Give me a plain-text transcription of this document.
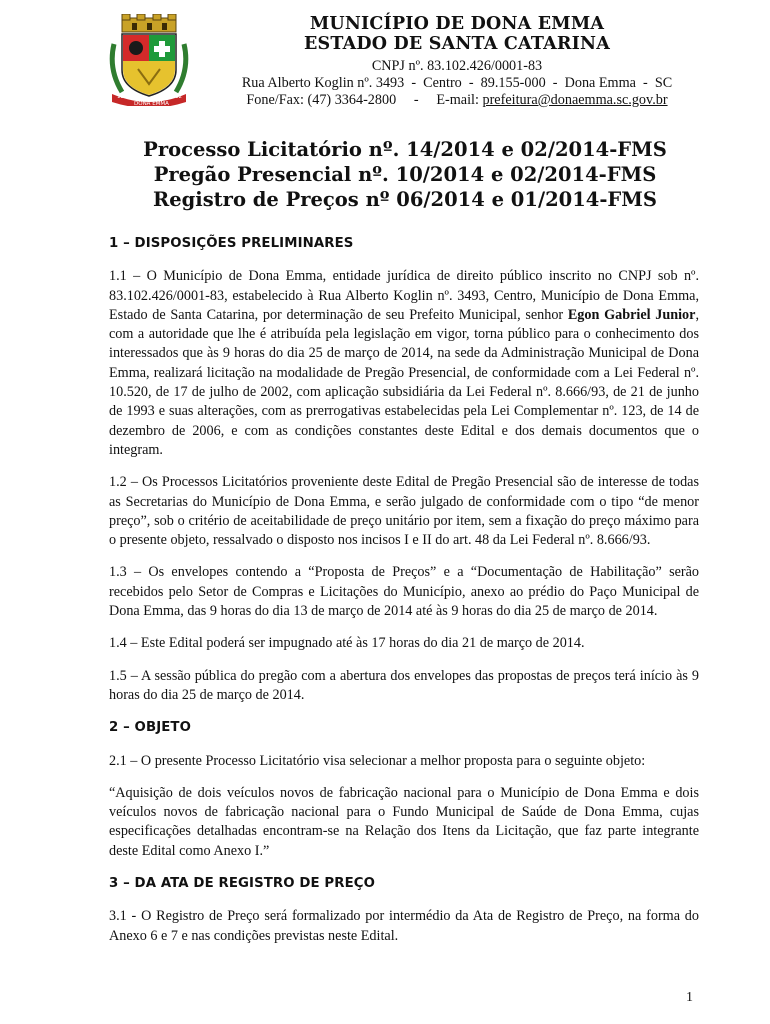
1918
DONA EMMA
1962
MUNICÍPIO DE DONA EMMA
ESTADO DE SANTA CATARINA
CNPJ nº. 83.102.426/0001-83
Rua Alberto Koglin nº. 3493  -  Centro  -  89.155-000  -  Dona Emma  -  SC
Fone/Fax: (47) 3364-2800     -     E-mail: prefeitura@donaemma.sc.gov.br
Processo Licitatório nº. 14/2014 e 02/2014-FMS
Pregão Presencial nº. 10/2014 e 02/2014-FMS
Registro de Preços nº 06/2014 e 01/2014-FMS
1 – DISPOSIÇÕES PRELIMINARES

1.1 – O Município de Dona Emma, entidade jurídica de direito público inscrito no CNPJ sob nº. 83.102.426/0001-83, estabelecido à Rua Alberto Koglin nº. 3493, Centro, Município de Dona Emma, Estado de Santa Catarina, por determinação de seu Prefeito Municipal, senhor Egon Gabriel Junior, com a autoridade que lhe é atribuída pela legislação em vigor, torna público para o conhecimento dos interessados que às 9 horas do dia 25 de março de 2014, na sede da Administração Municipal de Dona Emma, realizará licitação na modalidade de Pregão Presencial, de conformidade com a Lei Federal nº. 10.520, de 17 de julho de 2002, com aplicação subsidiária da Lei Federal nº. 8.666/93, de 21 de junho de 1993 e suas alterações, com as prerrogativas estabelecidas pela Lei Complementar nº. 123, de 14 de dezembro de 2006, e com as condições constantes deste Edital e dos demais documentos que o integram.

1.2 – Os Processos Licitatórios proveniente deste Edital de Pregão Presencial são de interesse de todas as Secretarias do Município de Dona Emma, e serão julgado de conformidade com o tipo “de menor preço”, sob o critério de aceitabilidade de preço unitário por item, sem a fixação do preço máximo para o presente objeto, ressalvado o disposto nos incisos I e II do art. 48 da Lei Federal nº. 8.666/93.

1.3 – Os envelopes contendo a “Proposta de Preços” e a “Documentação de Habilitação” serão recebidos pelo Setor de Compras e Licitações do Município, anexo ao prédio do Paço Municipal de Dona Emma, das 9 horas do dia 13 de março de 2014 até às 9 horas do dia 25 de março de 2014.

1.4 – Este Edital poderá ser impugnado até às 17 horas do dia 21 de março de 2014.

1.5 – A sessão pública do pregão com a abertura dos envelopes das propostas de preços terá início às 9 horas do dia 25 de março de 2014.

2 – OBJETO

2.1 – O presente Processo Licitatório visa selecionar a melhor proposta para o seguinte objeto:

“Aquisição de dois veículos novos de fabricação nacional para o Município de Dona Emma e dois veículos novos de fabricação nacional para o Fundo Municipal de Saúde de Dona Emma, cujas especificações detalhadas encontram-se na Relação dos Itens da Licitação, que faz parte integrante deste Edital como Anexo I.”

3 – DA ATA DE REGISTRO DE PREÇO

3.1 - O Registro de Preço será formalizado por intermédio da Ata de Registro de Preço, na forma do Anexo 6 e 7 e nas condições previstas neste Edital.

1
